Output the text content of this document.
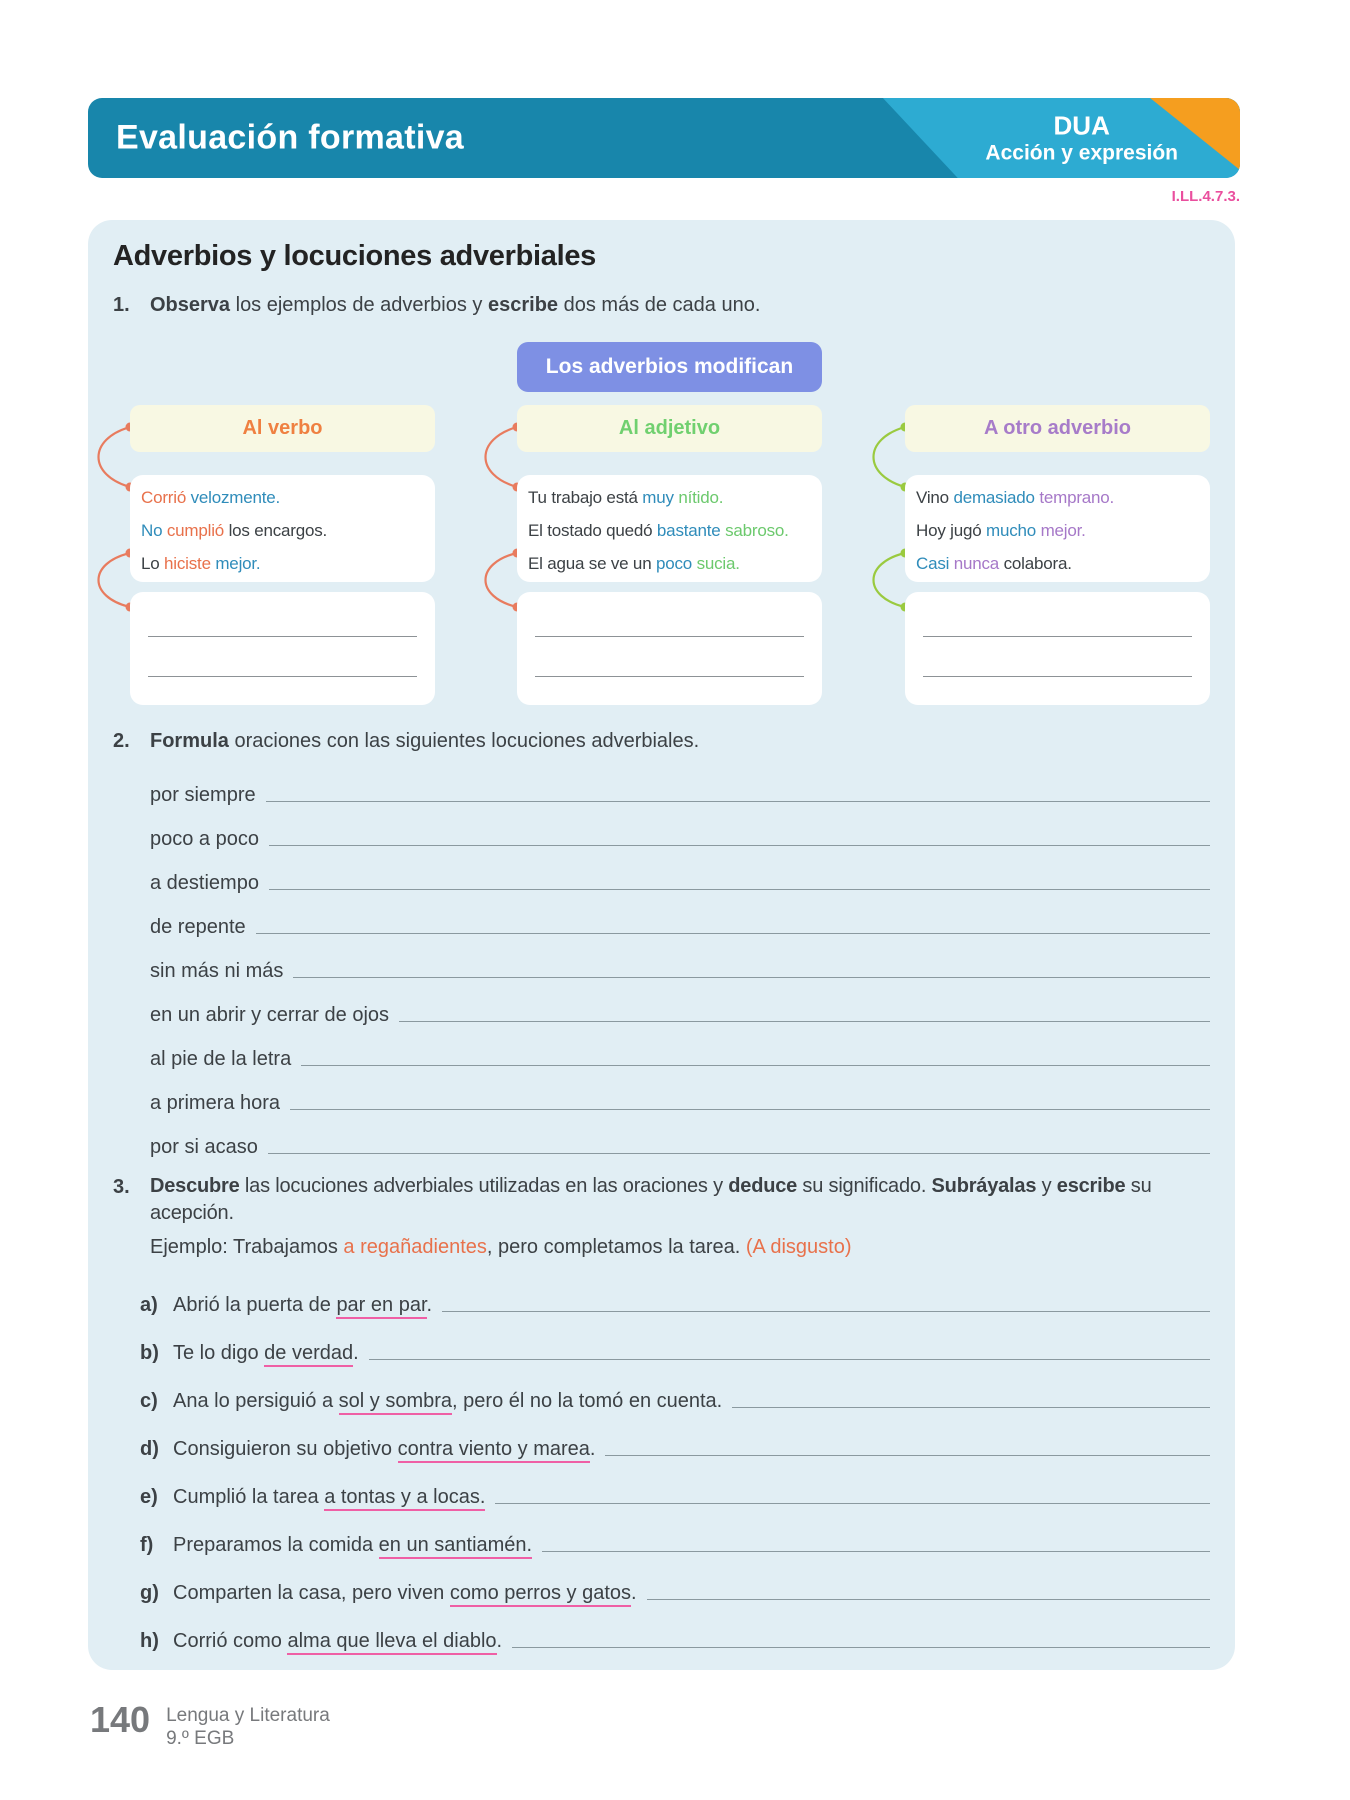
Evaluación formativa	DUA
Acción y expresión
I.LL.4.7.3.
Adverbios y locuciones adverbiales
1.	Observa los ejemplos de adverbios y escribe dos más de cada uno.
Los adverbios modifican
Al verbo	Al adjetivo	A otro adverbio
Corrió velozmente.
No cumplió los encargos.
Lo hiciste mejor.
Tu trabajo está muy nítido.
El tostado quedó bastante sabroso.
El agua se ve un poco sucia.
Vino demasiado temprano.
Hoy jugó mucho mejor.
Casi nunca colabora.
2.	Formula oraciones con las siguientes locuciones adverbiales.
por siempre
poco a poco
a destiempo
de repente
sin más ni más
en un abrir y cerrar de ojos
al pie de la letra
a primera hora
por si acaso
3.	Descubre las locuciones adverbiales utilizadas en las oraciones y deduce su significado. Subráyalas y escribe su acepción.
Ejemplo: Trabajamos a regañadientes, pero completamos la tarea. (A disgusto)
a) Abrió la puerta de par en par.
b) Te lo digo de verdad.
c) Ana lo persiguió a sol y sombra, pero él no la tomó en cuenta.
d) Consiguieron su objetivo contra viento y marea.
e) Cumplió la tarea a tontas y a locas.
f) Preparamos la comida en un santiamén.
g) Comparten la casa, pero viven como perros y gatos.
h) Corrió como alma que lleva el diablo.
140 Lengua y Literatura
9.º EGB
